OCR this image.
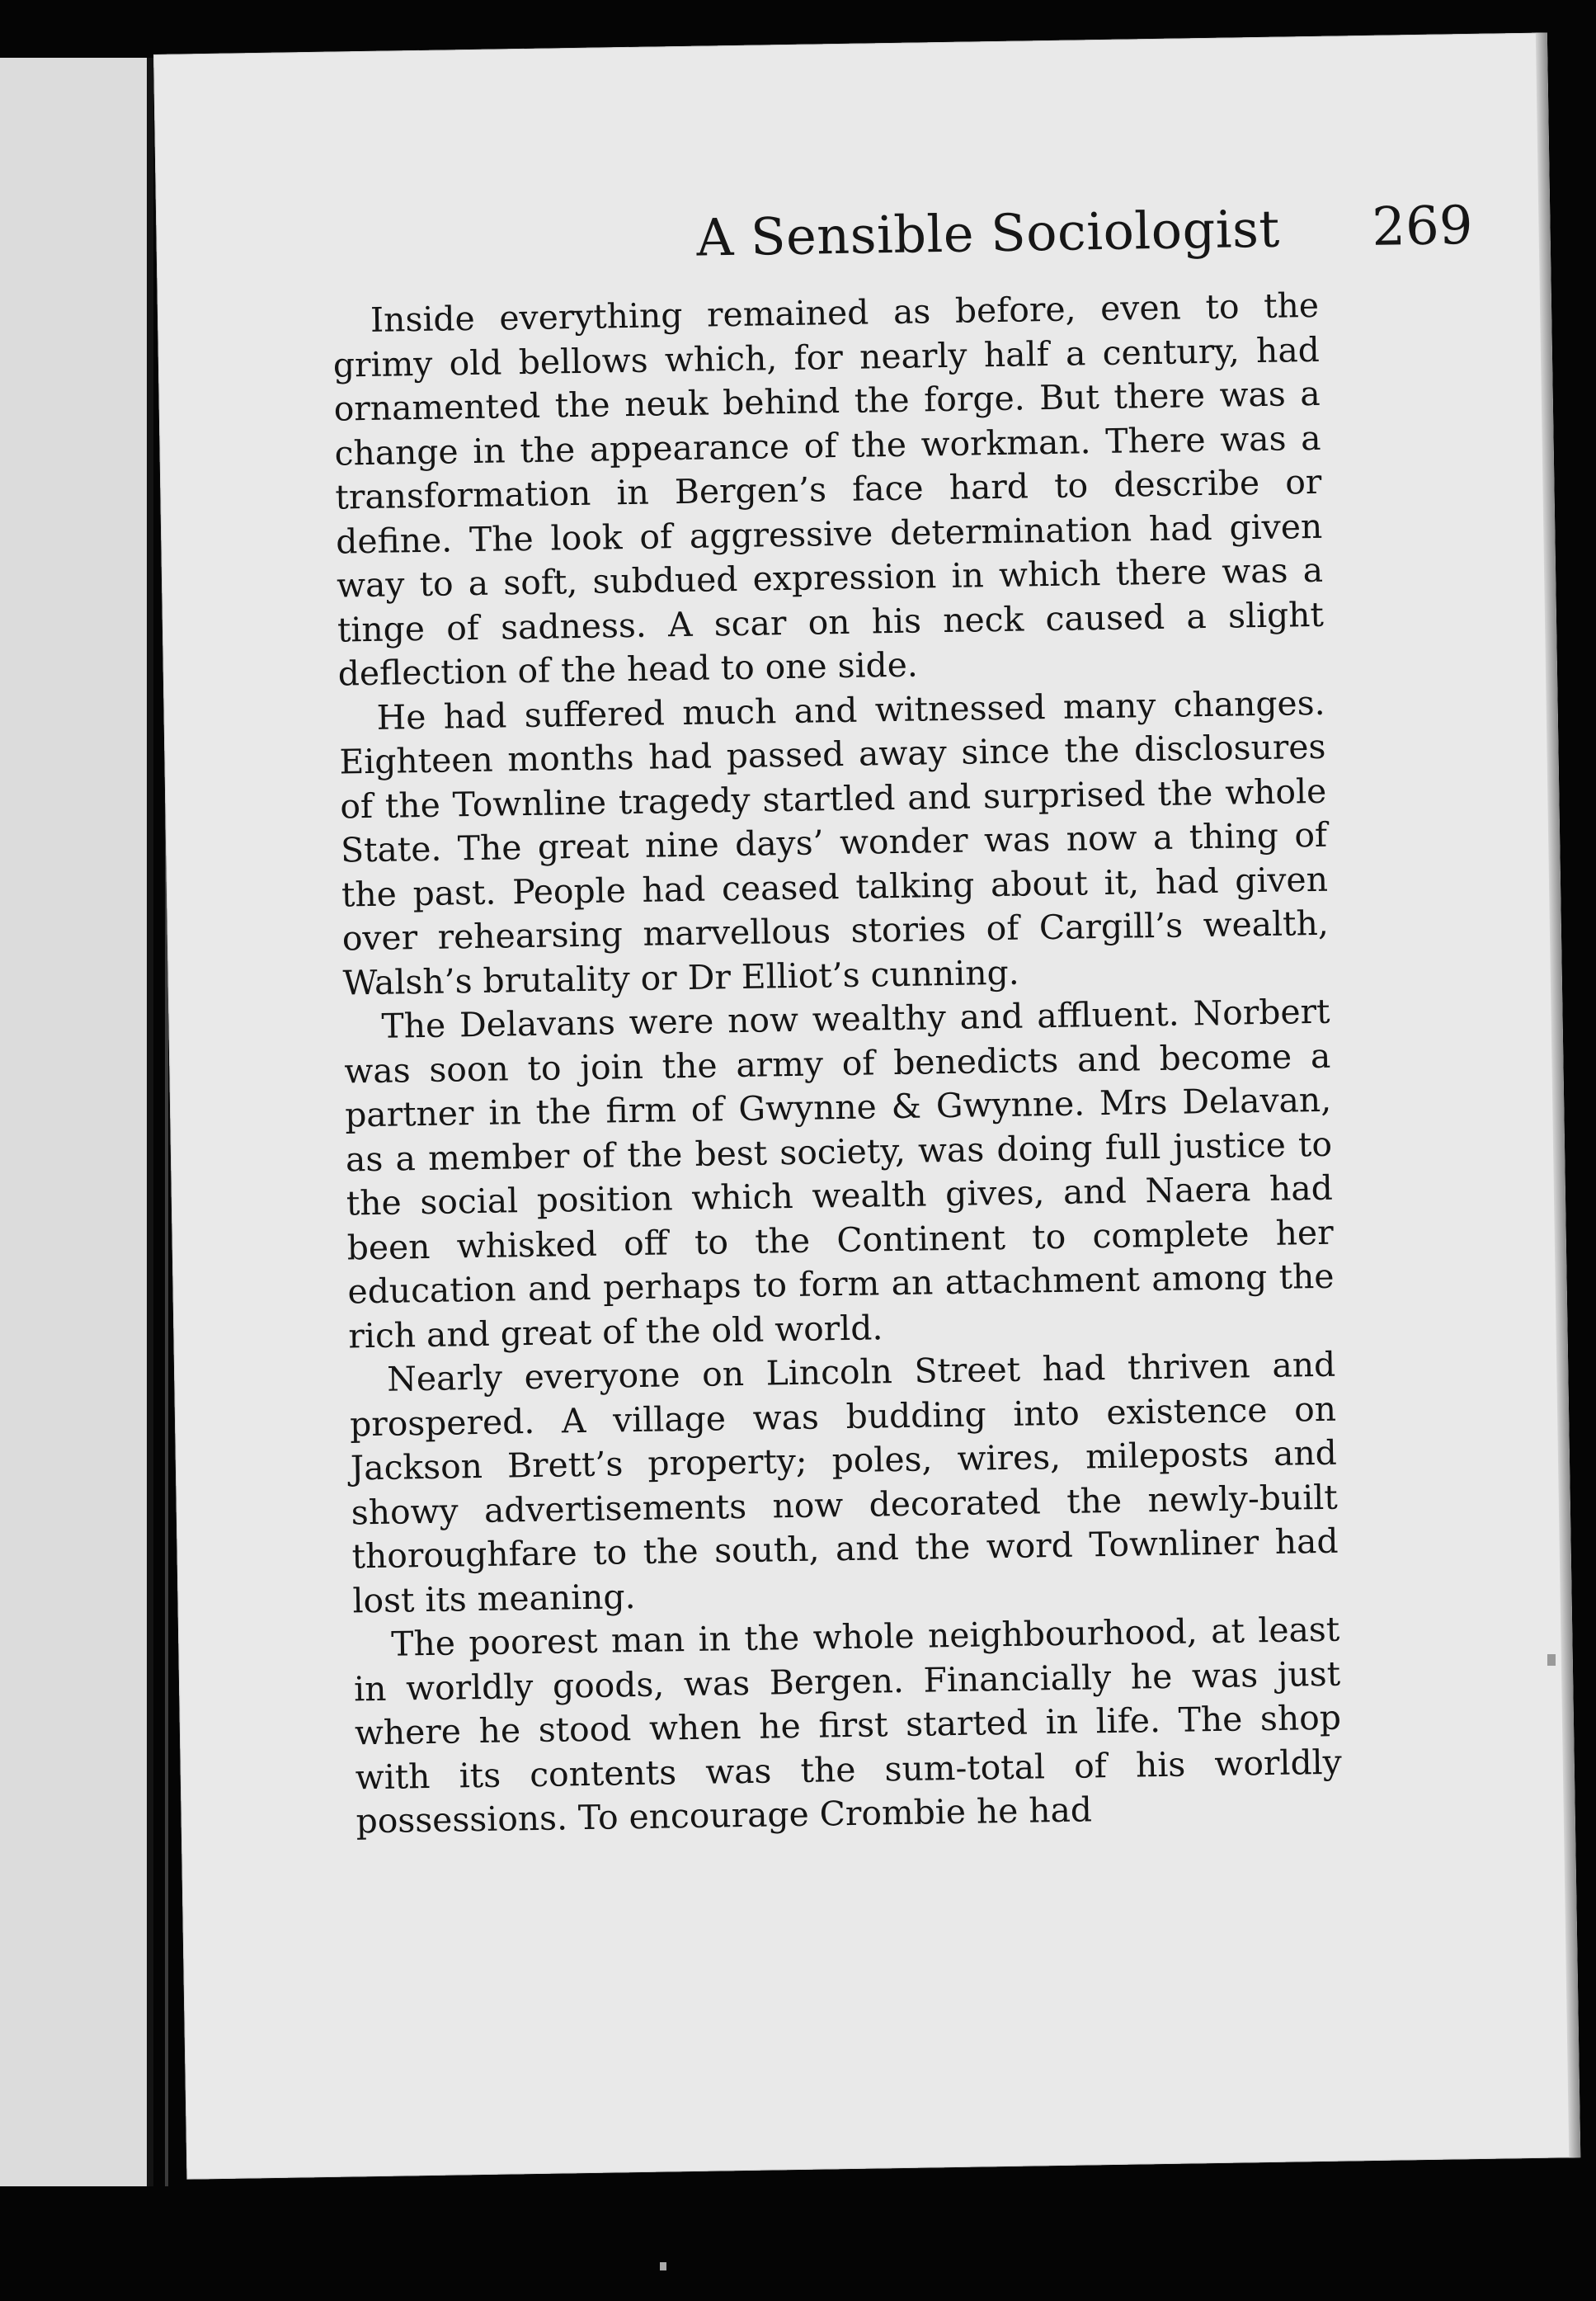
A Sensible Sociologist 269

Inside everything remained as before, even to the grimy old bellows which, for nearly half a century, had ornamented the neuk behind the forge. But there was a change in the appearance of the workman. There was a transformation in Bergen’s face hard to describe or define. The look of aggressive determination had given way to a soft, subdued expression in which there was a tinge of sadness. A scar on his neck caused a slight deflection of the head to one side.

He had suffered much and witnessed many changes. Eighteen months had passed away since the disclosures of the Townline tragedy startled and surprised the whole State. The great nine days’ wonder was now a thing of the past. People had ceased talking about it, had given over rehearsing marvellous stories of Cargill’s wealth, Walsh’s brutality or Dr Elliot’s cunning.

The Delavans were now wealthy and affluent. Norbert was soon to join the army of benedicts and become a partner in the firm of Gwynne & Gwynne. Mrs Delavan, as a member of the best society, was doing full justice to the social position which wealth gives, and Naera had been whisked off to the Continent to complete her education and perhaps to form an attachment among the rich and great of the old world.

Nearly everyone on Lincoln Street had thriven and prospered. A village was budding into existence on Jackson Brett’s property; poles, wires, mileposts and showy advertisements now decorated the newly-built thoroughfare to the south, and the word Townliner had lost its meaning.

The poorest man in the whole neighbourhood, at least in worldly goods, was Bergen. Financially he was just where he stood when he first started in life. The shop with its contents was the sum-total of his worldly possessions. To encourage Crombie he had
